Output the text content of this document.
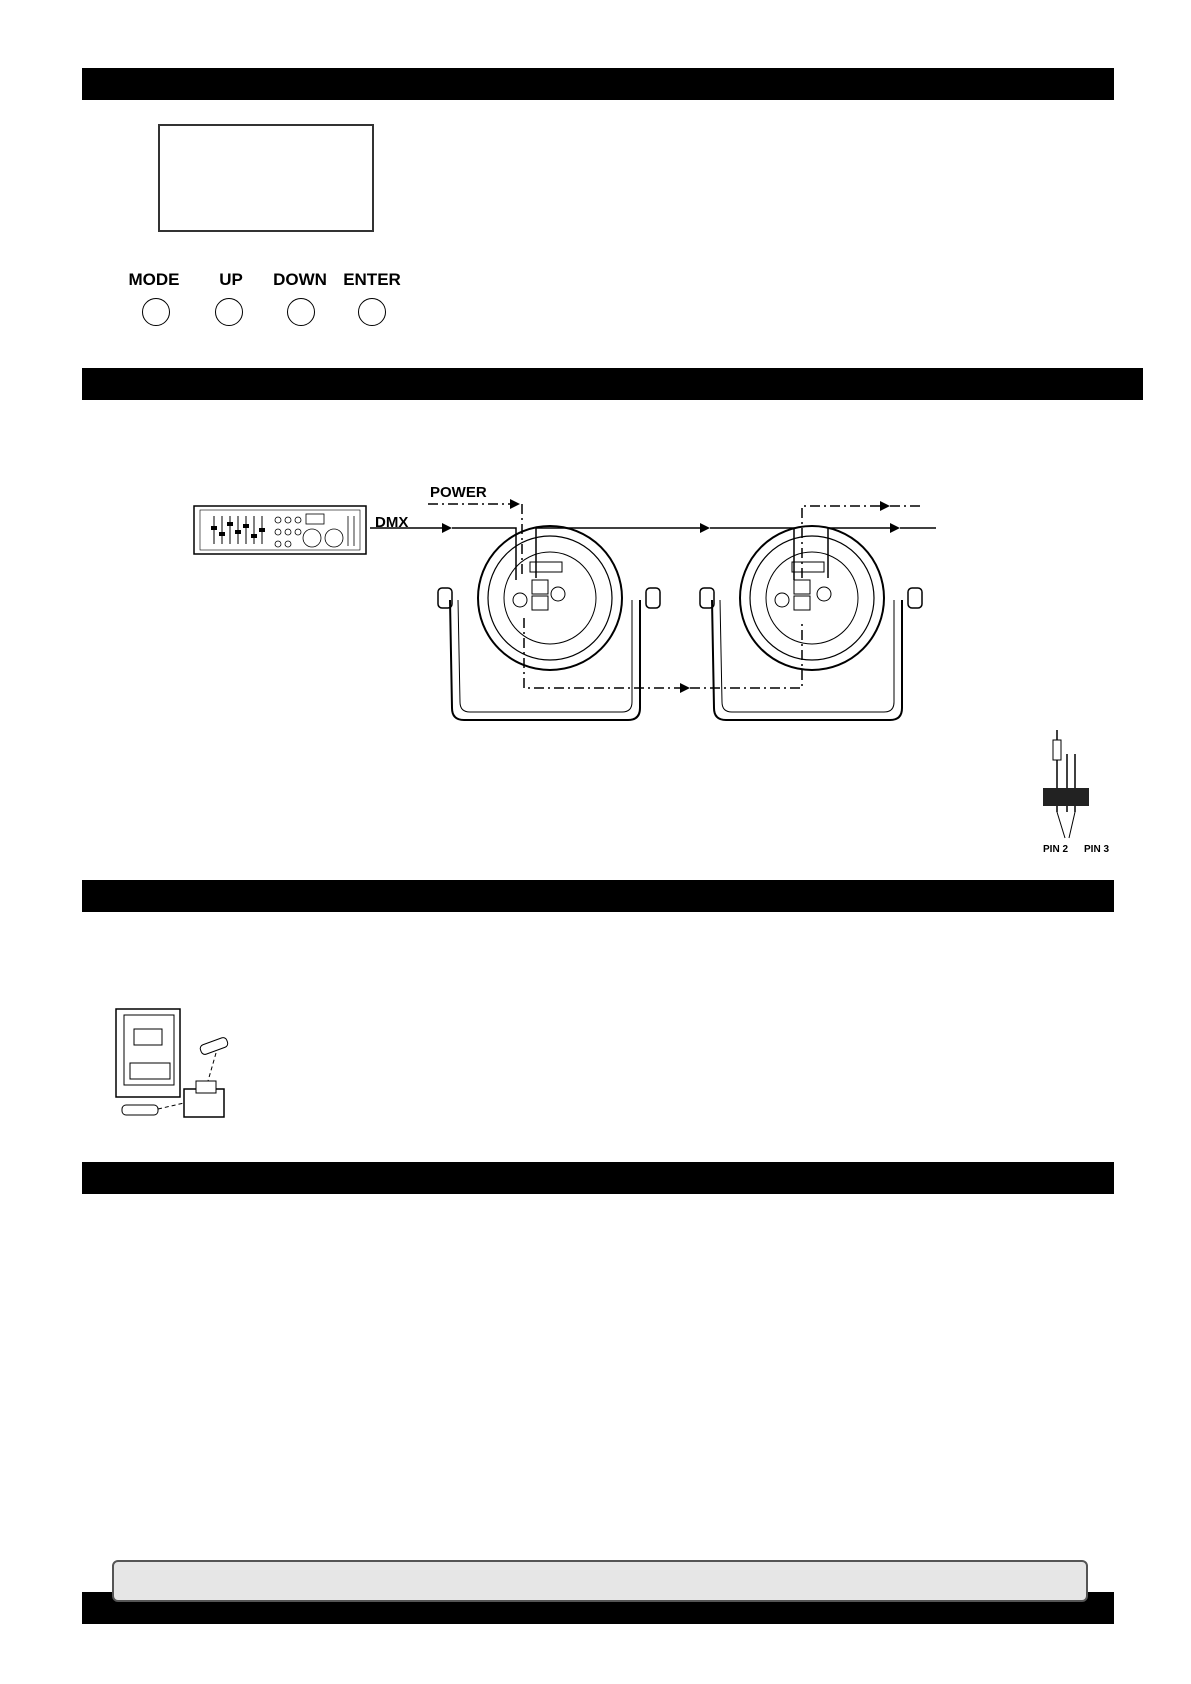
MODE	UP	DOWN ENTER
POWER
DMX
PIN 2 PIN 3
